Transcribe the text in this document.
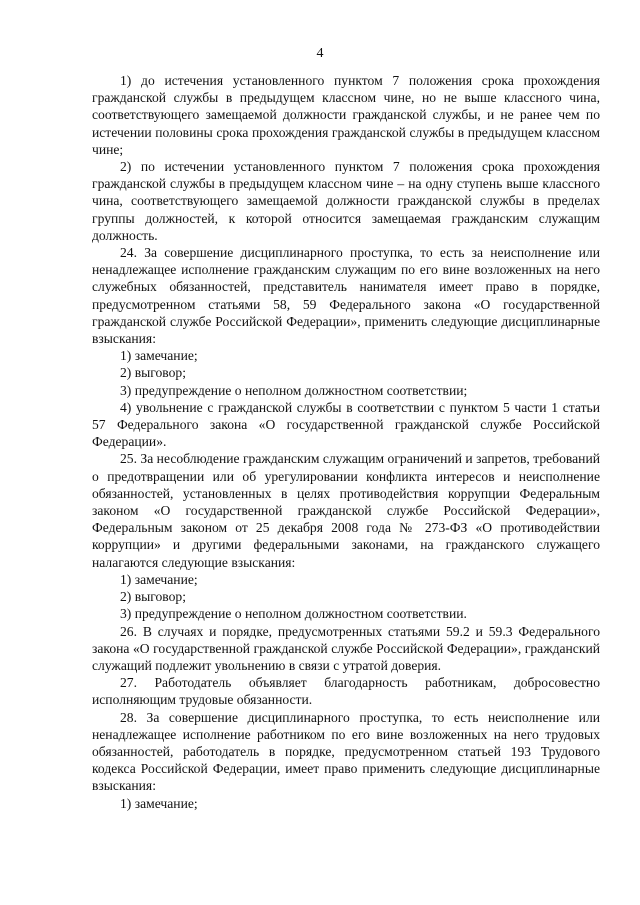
4

1) до истечения установленного пунктом 7 положения срока прохождения гражданской службы в предыдущем классном чине, но не выше классного чина, соответствующего замещаемой должности гражданской службы, и не ранее чем по истечении половины срока прохождения гражданской службы в предыдущем классном чине;

2) по истечении установленного пунктом 7 положения срока прохождения гражданской службы в предыдущем классном чине – на одну ступень выше классного чина, соответствующего замещаемой должности гражданской службы в пределах группы должностей, к которой относится замещаемая гражданским служащим должность.

24. За совершение дисциплинарного проступка, то есть за неисполнение или ненадлежащее исполнение гражданским служащим по его вине возложенных на него служебных обязанностей, представитель нанимателя имеет право в порядке, предусмотренном статьями 58, 59 Федерального закона «О государственной гражданской службе Российской Федерации», применить следующие дисциплинарные взыскания:

1) замечание;

2) выговор;

3) предупреждение о неполном должностном соответствии;

4) увольнение с гражданской службы в соответствии с пунктом 5 части 1 статьи 57 Федерального закона «О государственной гражданской службе Российской Федерации».

25. За несоблюдение гражданским служащим ограничений и запретов, требований о предотвращении или об урегулировании конфликта интересов и неисполнение обязанностей, установленных в целях противодействия коррупции Федеральным законом «О государственной гражданской службе Российской Федерации», Федеральным законом от 25 декабря 2008 года № 273-ФЗ «О противодействии коррупции» и другими федеральными законами, на гражданского служащего налагаются следующие взыскания:

1) замечание;

2) выговор;

3) предупреждение о неполном должностном соответствии.

26. В случаях и порядке, предусмотренных статьями 59.2 и 59.3 Федерального закона «О государственной гражданской службе Российской Федерации», гражданский служащий подлежит увольнению в связи с утратой доверия.

27. Работодатель объявляет благодарность работникам, добросовестно исполняющим трудовые обязанности.

28. За совершение дисциплинарного проступка, то есть неисполнение или ненадлежащее исполнение работником по его вине возложенных на него трудовых обязанностей, работодатель в порядке, предусмотренном статьей 193 Трудового кодекса Российской Федерации, имеет право применить следующие дисциплинарные взыскания:

1) замечание;
